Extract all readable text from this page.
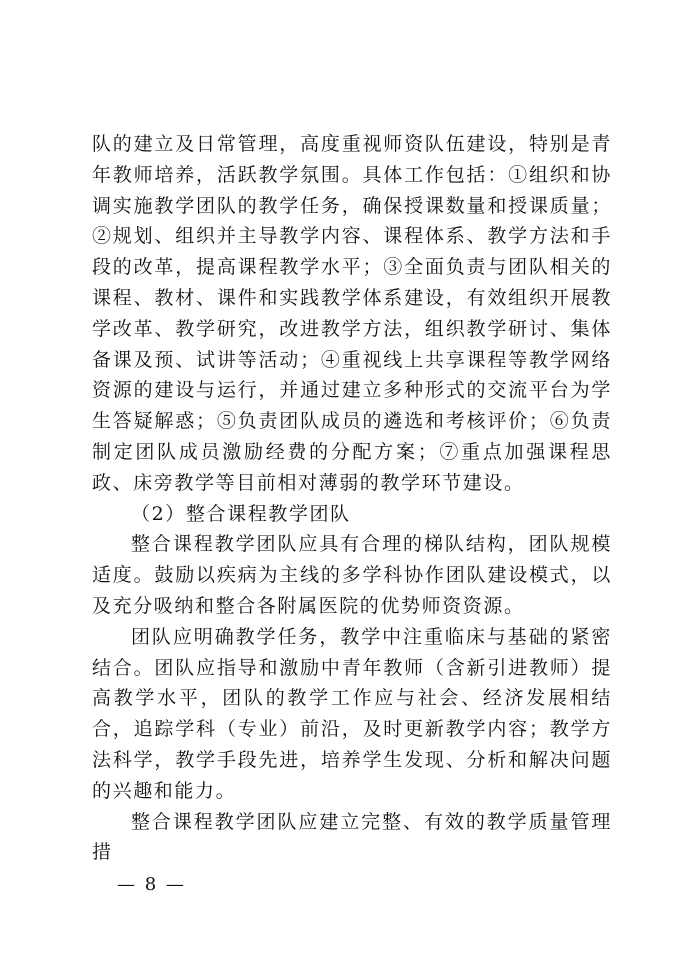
队的建立及日常管理，高度重视师资队伍建设，特别是青年教师培养，活跃教学氛围。具体工作包括：①组织和协调实施教学团队的教学任务，确保授课数量和授课质量；②规划、组织并主导教学内容、课程体系、教学方法和手段的改革，提高课程教学水平；③全面负责与团队相关的课程、教材、课件和实践教学体系建设，有效组织开展教学改革、教学研究，改进教学方法，组织教学研讨、集体备课及预、试讲等活动；④重视线上共享课程等教学网络资源的建设与运行，并通过建立多种形式的交流平台为学生答疑解惑；⑤负责团队成员的遴选和考核评价；⑥负责制定团队成员激励经费的分配方案；⑦重点加强课程思政、床旁教学等目前相对薄弱的教学环节建设。

（2）整合课程教学团队

整合课程教学团队应具有合理的梯队结构，团队规模适度。鼓励以疾病为主线的多学科协作团队建设模式，以及充分吸纳和整合各附属医院的优势师资资源。

团队应明确教学任务，教学中注重临床与基础的紧密结合。团队应指导和激励中青年教师（含新引进教师）提高教学水平，团队的教学工作应与社会、经济发展相结合，追踪学科（专业）前沿，及时更新教学内容；教学方法科学，教学手段先进，培养学生发现、分析和解决问题的兴趣和能力。

整合课程教学团队应建立完整、有效的教学质量管理措

— 8 —
